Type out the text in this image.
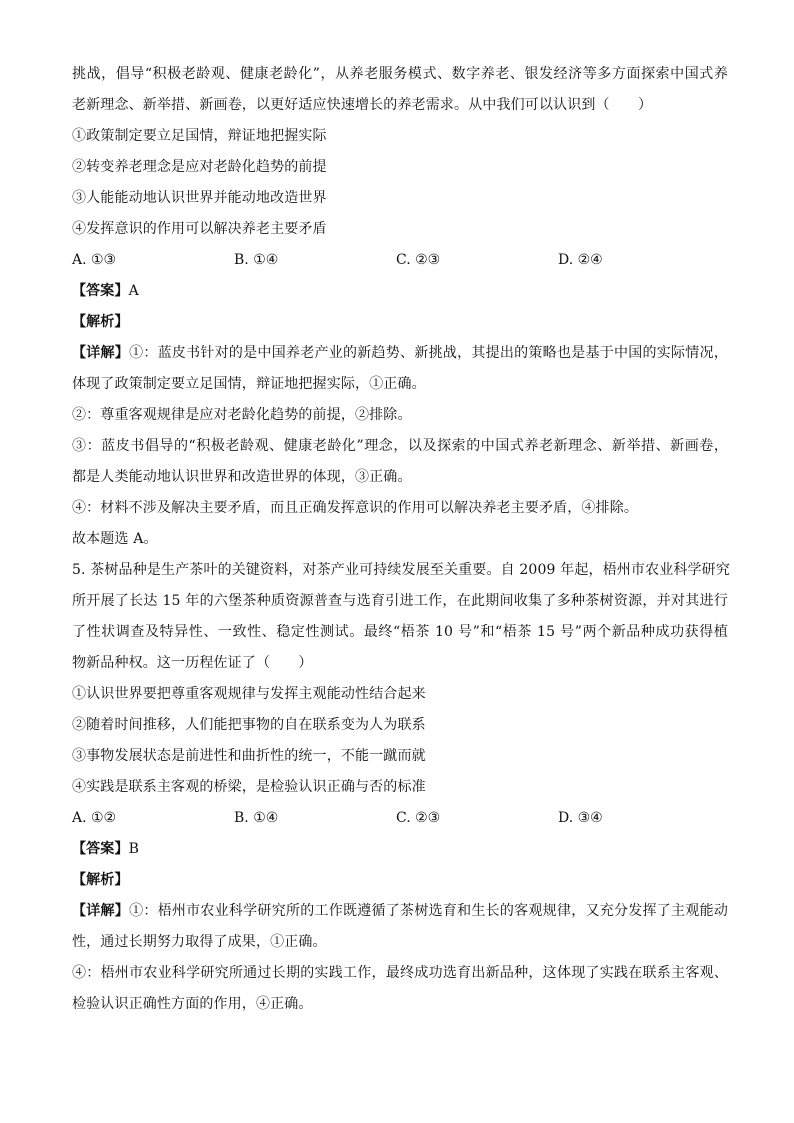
挑战，倡导“积极老龄观、健康老龄化”，从养老服务模式、数字养老、银发经济等多方面探索中国式养
老新理念、新举措、新画卷，以更好适应快速增长的养老需求。从中我们可以认识到（　　）
①政策制定要立足国情，辩证地把握实际
②转变养老理念是应对老龄化趋势的前提
③人能能动地认识世界并能动地改造世界
④发挥意识的作用可以解决养老主要矛盾
A. ①③	B. ①④	C. ②③	D. ②④
【答案】A
【解析】
【详解】①：蓝皮书针对的是中国养老产业的新趋势、新挑战，其提出的策略也是基于中国的实际情况，
体现了政策制定要立足国情，辩证地把握实际，①正确。
②：尊重客观规律是应对老龄化趋势的前提，②排除。
③：蓝皮书倡导的“积极老龄观、健康老龄化”理念，以及探索的中国式养老新理念、新举措、新画卷，
都是人类能动地认识世界和改造世界的体现，③正确。
④：材料不涉及解决主要矛盾，而且正确发挥意识的作用可以解决养老主要矛盾，④排除。
故本题选 A。
5. 茶树品种是生产茶叶的关键资料，对茶产业可持续发展至关重要。自 2009 年起，梧州市农业科学研究
所开展了长达 15 年的六堡茶种质资源普查与选育引进工作，在此期间收集了多种茶树资源，并对其进行
了性状调查及特异性、一致性、稳定性测试。最终“梧茶 10 号”和“梧茶 15 号”两个新品种成功获得植
物新品种权。这一历程佐证了（　　）
①认识世界要把尊重客观规律与发挥主观能动性结合起来
②随着时间推移，人们能把事物的自在联系变为人为联系
③事物发展状态是前进性和曲折性的统一，不能一蹴而就
④实践是联系主客观的桥梁，是检验认识正确与否的标准
A. ①②	B. ①④	C. ②③	D. ③④
【答案】B
【解析】
【详解】①：梧州市农业科学研究所的工作既遵循了茶树选育和生长的客观规律，又充分发挥了主观能动
性，通过长期努力取得了成果，①正确。
④：梧州市农业科学研究所通过长期的实践工作，最终成功选育出新品种，这体现了实践在联系主客观、
检验认识正确性方面的作用，④正确。
